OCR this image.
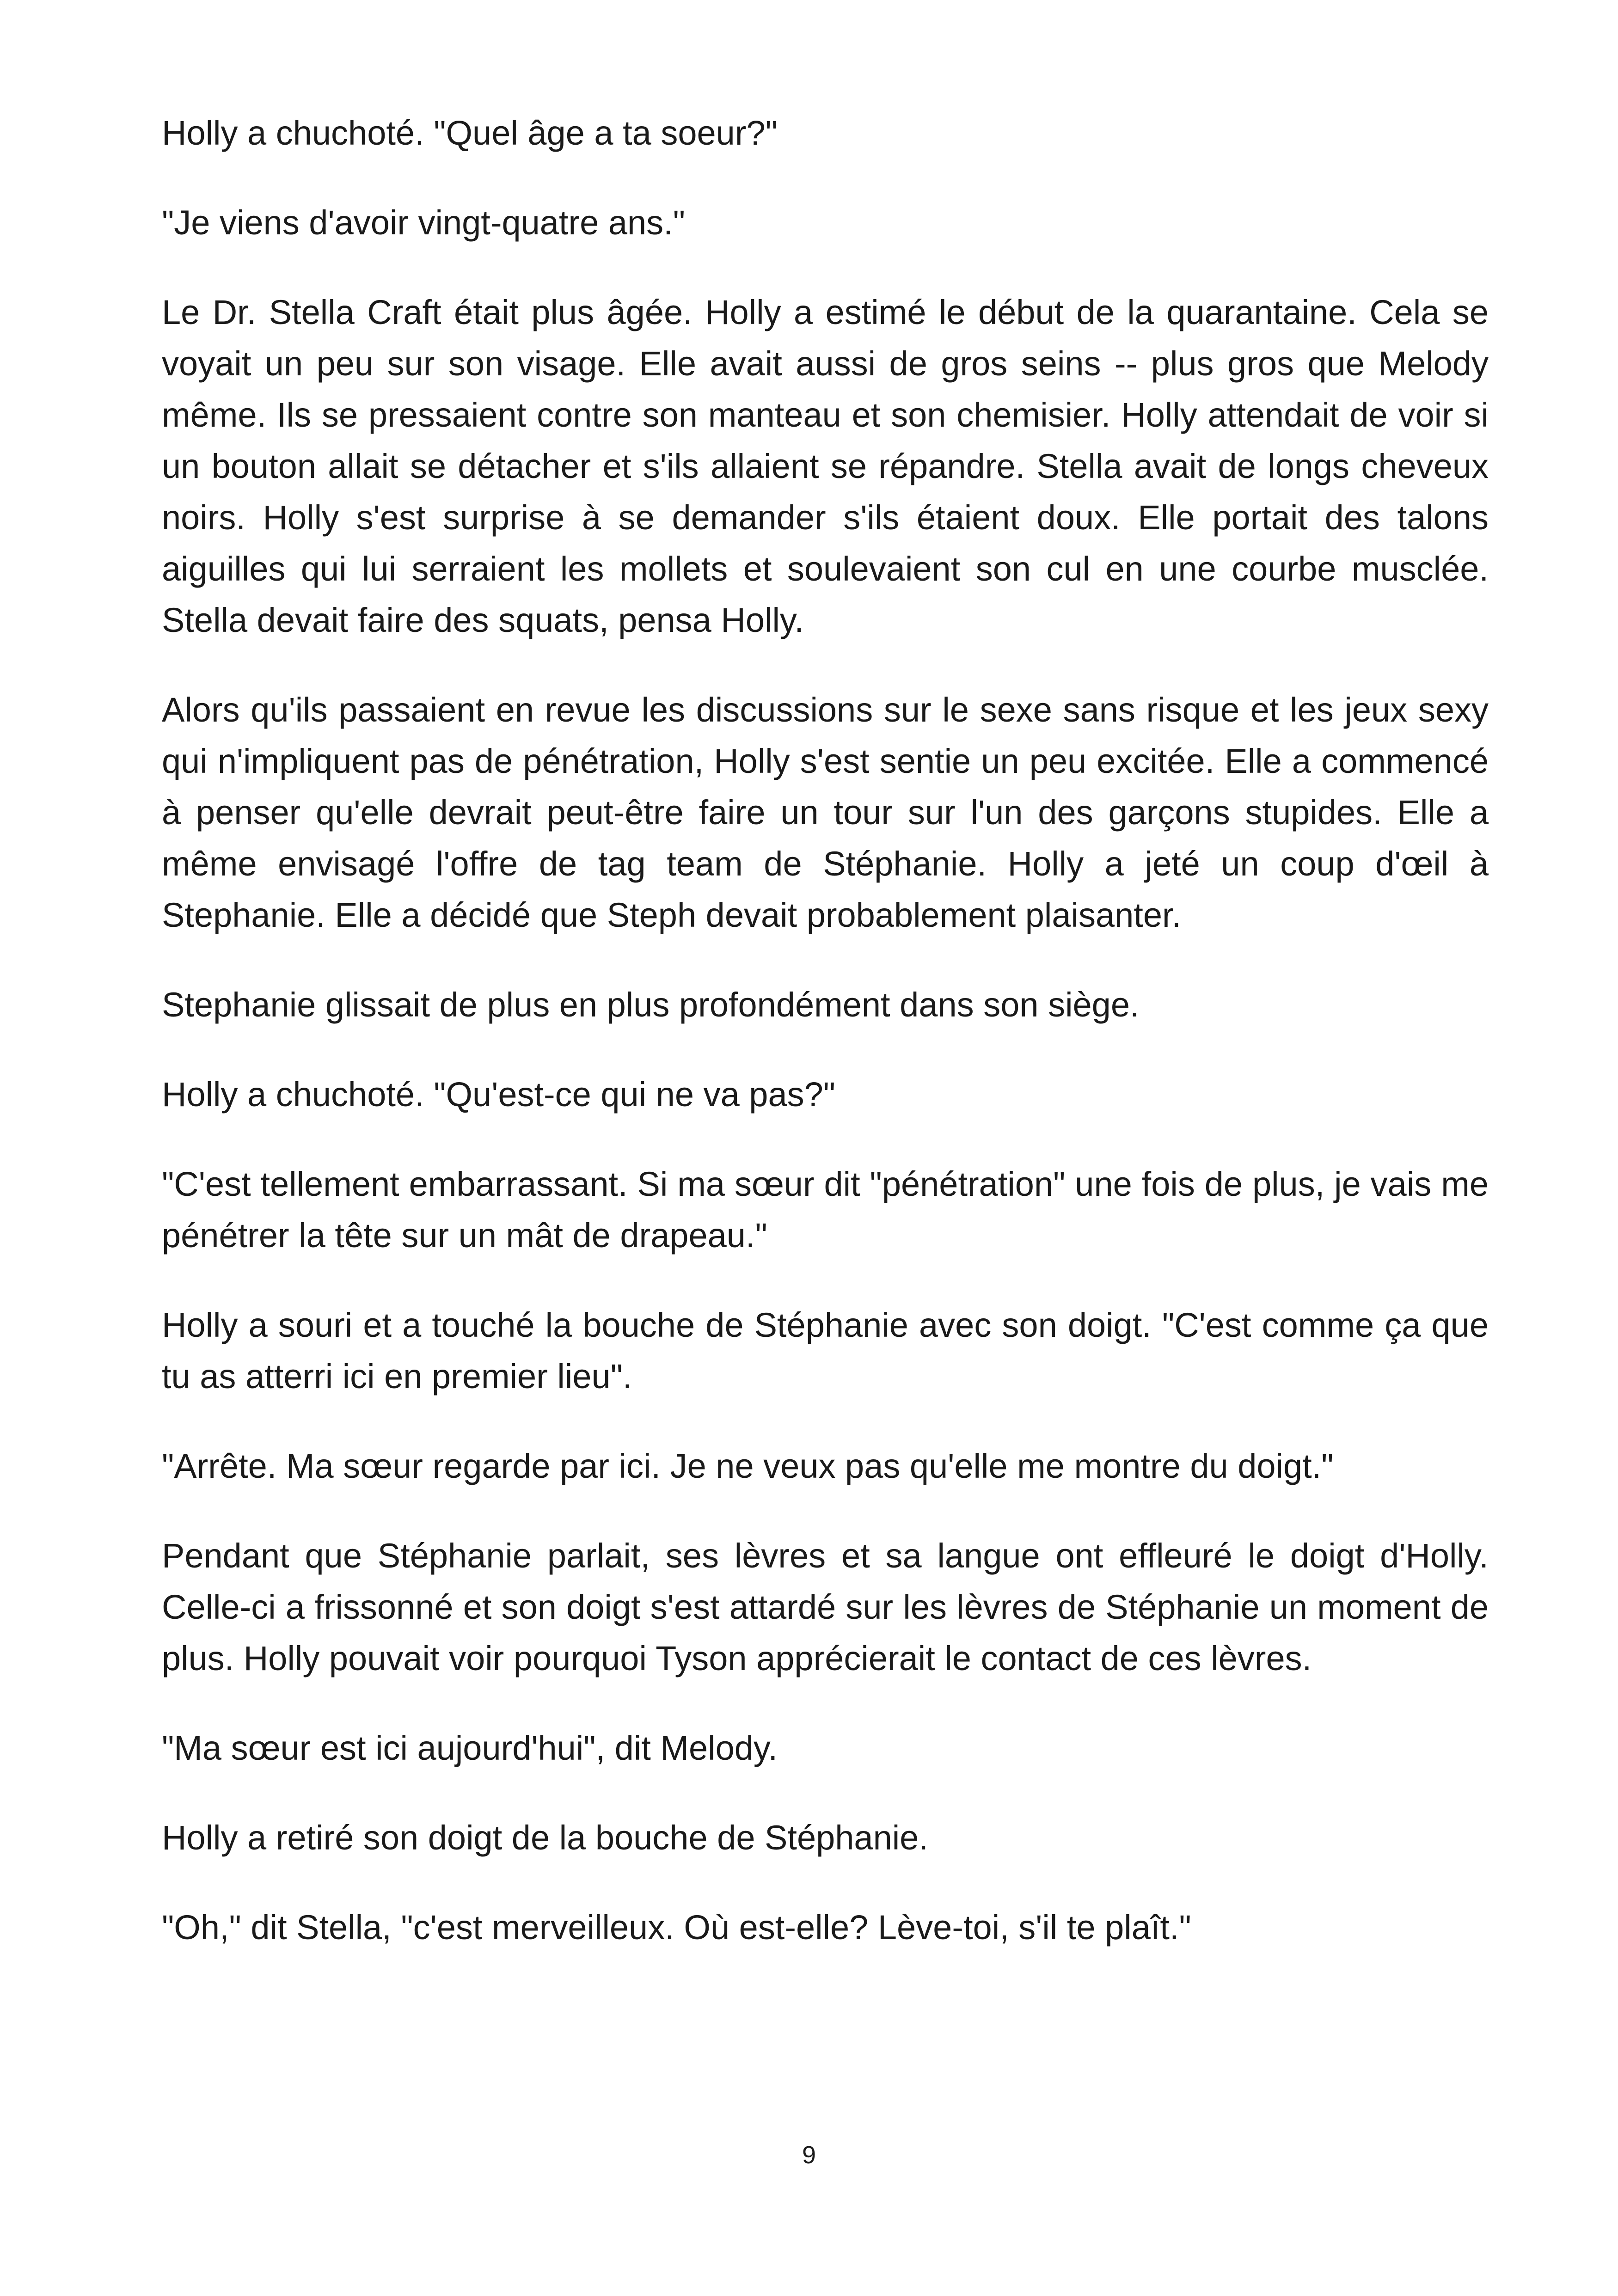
Holly a chuchoté. "Quel âge a ta soeur?"

"Je viens d'avoir vingt-quatre ans."

Le Dr. Stella Craft était plus âgée. Holly a estimé le début de la quarantaine. Cela se voyait un peu sur son visage. Elle avait aussi de gros seins -- plus gros que Melody même. Ils se pressaient contre son manteau et son chemisier. Holly attendait de voir si un bouton allait se détacher et s'ils allaient se répandre. Stella avait de longs cheveux noirs. Holly s'est surprise à se demander s'ils étaient doux. Elle portait des talons aiguilles qui lui serraient les mollets et soulevaient son cul en une courbe musclée. Stella devait faire des squats, pensa Holly.

Alors qu'ils passaient en revue les discussions sur le sexe sans risque et les jeux sexy qui n'impliquent pas de pénétration, Holly s'est sentie un peu excitée. Elle a commencé à penser qu'elle devrait peut-être faire un tour sur l'un des garçons stupides. Elle a même envisagé l'offre de tag team de Stéphanie. Holly a jeté un coup d'œil à Stephanie. Elle a décidé que Steph devait probablement plaisanter.

Stephanie glissait de plus en plus profondément dans son siège.

Holly a chuchoté. "Qu'est-ce qui ne va pas?"

"C'est tellement embarrassant. Si ma sœur dit "pénétration" une fois de plus, je vais me pénétrer la tête sur un mât de drapeau."

Holly a souri et a touché la bouche de Stéphanie avec son doigt. "C'est comme ça que tu as atterri ici en premier lieu".

"Arrête. Ma sœur regarde par ici. Je ne veux pas qu'elle me montre du doigt."

Pendant que Stéphanie parlait, ses lèvres et sa langue ont effleuré le doigt d'Holly. Celle-ci a frissonné et son doigt s'est attardé sur les lèvres de Stéphanie un moment de plus. Holly pouvait voir pourquoi Tyson apprécierait le contact de ces lèvres.

"Ma sœur est ici aujourd'hui", dit Melody.

Holly a retiré son doigt de la bouche de Stéphanie.

"Oh," dit Stella, "c'est merveilleux. Où est-elle? Lève-toi, s'il te plaît."

9
